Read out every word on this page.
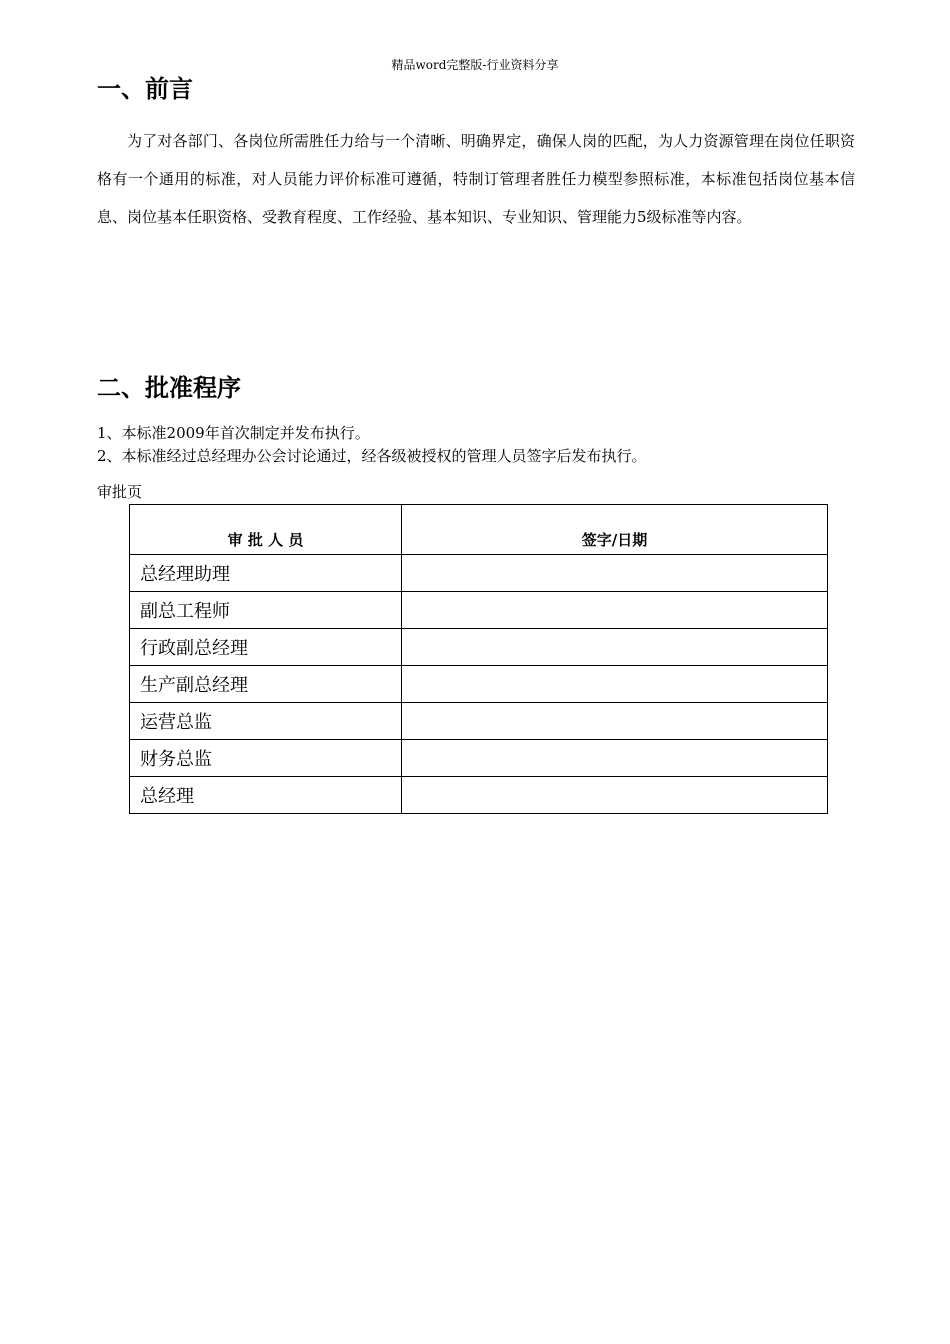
精品word完整版-行业资料分享
一、前言

为了对各部门、各岗位所需胜任力给与一个清晰、明确界定，确保人岗的匹配，为人力资源管理在岗位任职资格有一个通用的标准，对人员能力评价标准可遵循，特制订管理者胜任力模型参照标准，本标准包括岗位基本信息、岗位基本任职资格、受教育程度、工作经验、基本知识、专业知识、管理能力5级标准等内容。

二、批准程序
1、本标准2009年首次制定并发布执行。
2、本标准经过总经理办公会讨论通过，经各级被授权的管理人员签字后发布执行。
审批页
审 批 人 员	签字/日期
总经理助理	
副总工程师	
行政副总经理	
生产副总经理	
运营总监	
财务总监	
总经理	
